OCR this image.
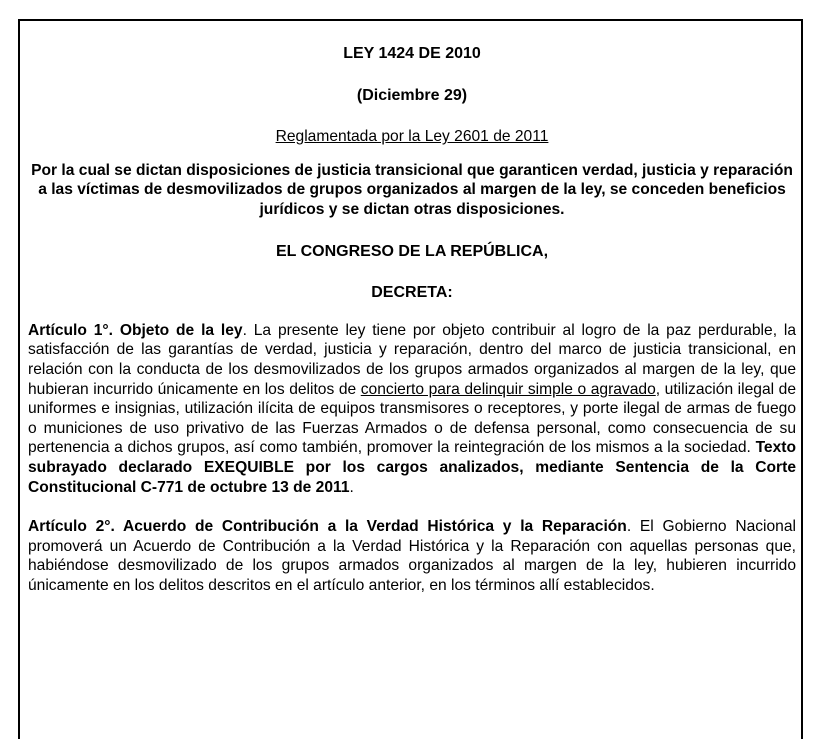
LEY 1424 DE 2010

(Diciembre 29)

Reglamentada por la Ley 2601 de 2011

Por la cual se dictan disposiciones de justicia transicional que garanticen verdad, justicia y reparación a las víctimas de desmovilizados de grupos organizados al margen de la ley, se conceden beneficios jurídicos y se dictan otras disposiciones.

EL CONGRESO DE LA REPÚBLICA,

DECRETA:

Artículo 1°. Objeto de la ley. La presente ley tiene por objeto contribuir al logro de la paz perdurable, la satisfacción de las garantías de verdad, justicia y reparación, dentro del marco de justicia transicional, en relación con la conducta de los desmovilizados de los grupos armados organizados al margen de la ley, que hubieran incurrido únicamente en los delitos de concierto para delinquir simple o agravado, utilización ilegal de uniformes e insignias, utilización ilícita de equipos transmisores o receptores, y porte ilegal de armas de fuego o municiones de uso privativo de las Fuerzas Armados o de defensa personal, como consecuencia de su pertenencia a dichos grupos, así como también, promover la reintegración de los mismos a la sociedad. Texto subrayado declarado EXEQUIBLE por los cargos analizados, mediante Sentencia de la Corte Constitucional C-771 de octubre 13 de 2011.

Artículo 2°. Acuerdo de Contribución a la Verdad Histórica y la Reparación. El Gobierno Nacional promoverá un Acuerdo de Contribución a la Verdad Histórica y la Reparación con aquellas personas que, habiéndose desmovilizado de los grupos armados organizados al margen de la ley, hubieren incurrido únicamente en los delitos descritos en el artículo anterior, en los términos allí establecidos.
